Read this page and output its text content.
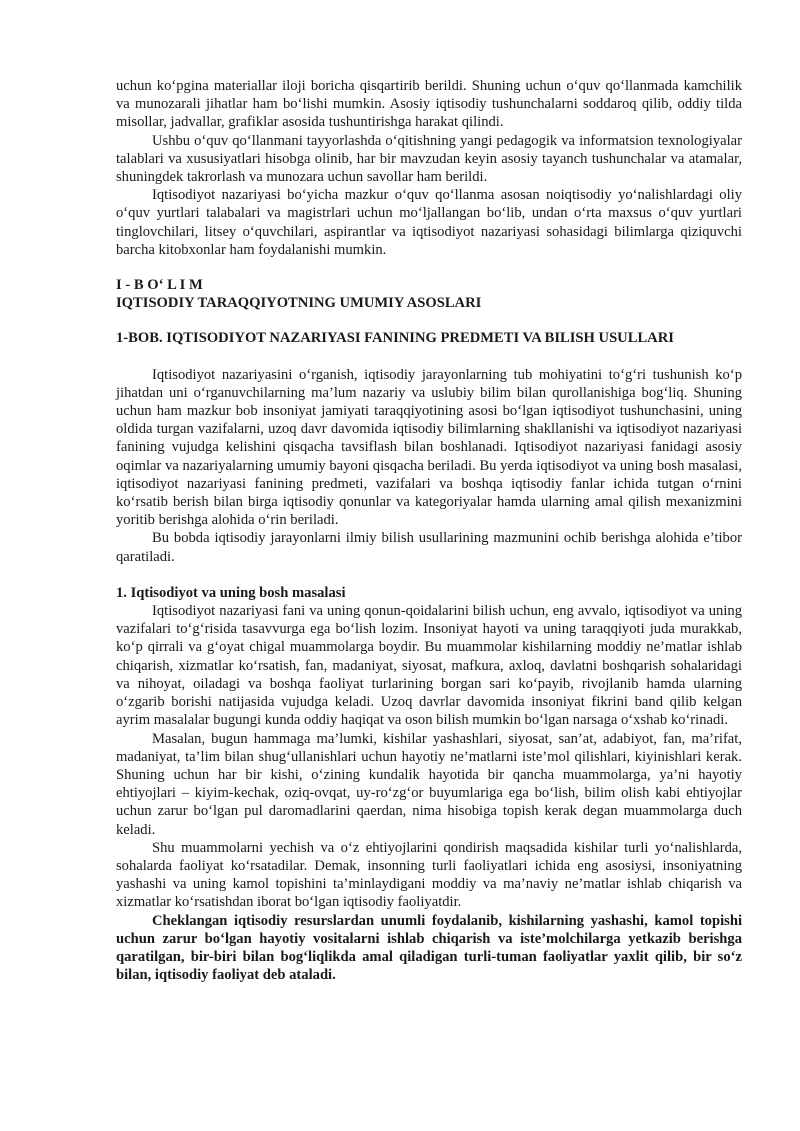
uchun ko‘pgina materiallar iloji boricha qisqartirib berildi. Shuning uchun o‘quv qo‘llanmada kamchilik va munozarali jihatlar ham bo‘lishi mumkin. Asosiy iqtisodiy tushunchalarni soddaroq qilib, oddiy tilda misollar, jadvallar, grafiklar asosida tushuntirishga harakat qilindi.

Ushbu o‘quv qo‘llanmani tayyorlashda o‘qitishning yangi pedagogik va informatsion texnologiyalar talablari va xususiyatlari hisobga olinib, har bir mavzudan keyin asosiy tayanch tushunchalar va atamalar, shuningdek takrorlash va munozara uchun savollar ham berildi.

Iqtisodiyot nazariyasi bo‘yicha mazkur o‘quv qo‘llanma asosan noiqtisodiy yo‘nalishlardagi oliy o‘quv yurtlari talabalari va magistrlari uchun mo‘ljallangan bo‘lib, undan o‘rta maxsus o‘quv yurtlari tinglovchilari, litsey o‘quvchilari, aspirantlar va iqtisodiyot nazariyasi sohasidagi bilimlarga qiziquvchi barcha kitobxonlar ham foydalanishi mumkin.

I - B O‘ L I M
IQTISODIY TARAQQIYOTNING UMUMIY ASOSLARI
1-BOB. IQTISODIYOT NAZARIYASI FANINING PREDMETI VA BILISH USULLARI

Iqtisodiyot nazariyasini o‘rganish, iqtisodiy jarayonlarning tub mohiyatini to‘g‘ri tushunish ko‘p jihatdan uni o‘rganuvchilarning ma’lum nazariy va uslubiy bilim bilan qurollanishiga bog‘liq. Shuning uchun ham mazkur bob insoniyat jamiyati taraqqiyotining asosi bo‘lgan iqtisodiyot tushunchasini, uning oldida turgan vazifalarni, uzoq davr davomida iqtisodiy bilimlarning shakllanishi va iqtisodiyot nazariyasi fanining vujudga kelishini qisqacha tavsiflash bilan boshlanadi. Iqtisodiyot nazariyasi fanidagi asosiy oqimlar va nazariyalarning umumiy bayoni qisqacha beriladi. Bu yerda iqtisodiyot va uning bosh masalasi, iqtisodiyot nazariyasi fanining predmeti, vazifalari va boshqa iqtisodiy fanlar ichida tutgan o‘rnini ko‘rsatib berish bilan birga iqtisodiy qonunlar va kategoriyalar hamda ularning amal qilish mexanizmini yoritib berishga alohida o‘rin beriladi.

Bu bobda iqtisodiy jarayonlarni ilmiy bilish usullarining mazmunini ochib berishga alohida e’tibor qaratiladi.

1. Iqtisodiyot va uning bosh masalasi

Iqtisodiyot nazariyasi fani va uning qonun-qoidalarini bilish uchun, eng avvalo, iqtisodiyot va uning vazifalari to‘g‘risida tasavvurga ega bo‘lish lozim. Insoniyat hayoti va uning taraqqiyoti juda murakkab, ko‘p qirrali va g‘oyat chigal muammolarga boydir. Bu muammolar kishilarning moddiy ne’matlar ishlab chiqarish, xizmatlar ko‘rsatish, fan, madaniyat, siyosat, mafkura, axloq, davlatni boshqarish sohalaridagi va nihoyat, oiladagi va boshqa faoliyat turlarining borgan sari ko‘payib, rivojlanib hamda ularning o‘zgarib borishi natijasida vujudga keladi. Uzoq davrlar davomida insoniyat fikrini band qilib kelgan ayrim masalalar bugungi kunda oddiy haqiqat va oson bilish mumkin bo‘lgan narsaga o‘xshab ko‘rinadi.

Masalan, bugun hammaga ma’lumki, kishilar yashashlari, siyosat, san’at, adabiyot, fan, ma’rifat, madaniyat, ta’lim bilan shug‘ullanishlari uchun hayotiy ne’matlarni iste’mol qilishlari, kiyinishlari kerak. Shuning uchun har bir kishi, o‘zining kundalik hayotida bir qancha muammolarga, ya’ni hayotiy ehtiyojlari – kiyim-kechak, oziq-ovqat, uy-ro‘zg‘or buyumlariga ega bo‘lish, bilim olish kabi ehtiyojlar uchun zarur bo‘lgan pul daromadlarini qaerdan, nima hisobiga topish kerak degan muammolarga duch keladi.

Shu muammolarni yechish va o‘z ehtiyojlarini qondirish maqsadida kishilar turli yo‘nalishlarda, sohalarda faoliyat ko‘rsatadilar. Demak, insonning turli faoliyatlari ichida eng asosiysi, insoniyatning yashashi va uning kamol topishini ta’minlaydigani moddiy va ma’naviy ne’matlar ishlab chiqarish va xizmatlar ko‘rsatishdan iborat bo‘lgan iqtisodiy faoliyatdir.

Cheklangan iqtisodiy resurslardan unumli foydalanib, kishilarning yashashi, kamol topishi uchun zarur bo‘lgan hayotiy vositalarni ishlab chiqarish va iste’molchilarga yetkazib berishga qaratilgan, bir-biri bilan bog‘liqlikda amal qiladigan turli-tuman faoliyatlar yaxlit qilib, bir so‘z bilan, iqtisodiy faoliyat deb ataladi.
